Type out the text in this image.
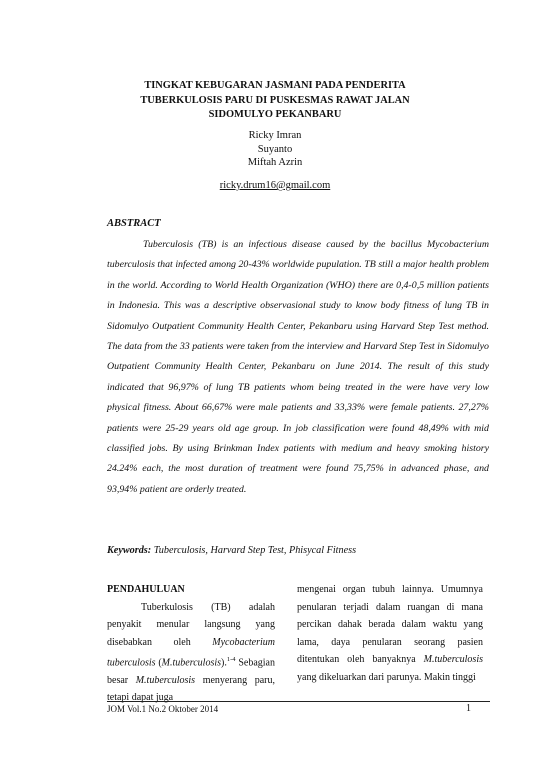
TINGKAT KEBUGARAN JASMANI PADA PENDERITA
TUBERKULOSIS PARU DI PUSKESMAS RAWAT JALAN
SIDOMULYO PEKANBARU
Ricky Imran
Suyanto
Miftah Azrin
ricky.drum16@gmail.com
ABSTRACT

Tuberculosis (TB) is an infectious disease caused by the bacillus Mycobacterium tuberculosis that infected among 20-43% worldwide pupulation. TB still a major health problem in the world. According to World Health Organization (WHO) there are 0,4-0,5 million patients in Indonesia. This was a descriptive observasional study to know body fitness of lung TB in Sidomulyo Outpatient Community Health Center, Pekanbaru using Harvard Step Test method. The data from the 33 patients were taken from the interview and Harvard Step Test in Sidomulyo Outpatient Community Health Center, Pekanbaru on June 2014. The result of this study indicated that 96,97% of lung TB patients whom being treated in the were have very low physical fitness. About 66,67% were male patients and 33,33% were female patients. 27,27% patients were 25-29 years old age group. In job classification were found 48,49% with mid classified jobs. By using Brinkman Index patients with medium and heavy smoking history 24.24% each, the most duration of treatment were found 75,75% in advanced phase, and 93,94% patient are orderly treated.

Keywords: Tuberculosis, Harvard Step Test, Phisycal Fitness

PENDAHULUAN
Tuberkulosis (TB) adalah penyakit menular langsung yang disebabkan oleh Mycobacterium tuberculosis (M.tuberculosis).$^{1-4}$ Sebagian besar M.tuberculosis menyerang paru, tetapi dapat juga

mengenai organ tubuh lainnya. Umumnya penularan terjadi dalam ruangan di mana percikan dahak berada dalam waktu yang lama, daya penularan seorang pasien ditentukan oleh banyaknya M.tuberculosis yang dikeluarkan dari parunya. Makin tinggi

JOM Vol.1 No.2 Oktober 2014	1
